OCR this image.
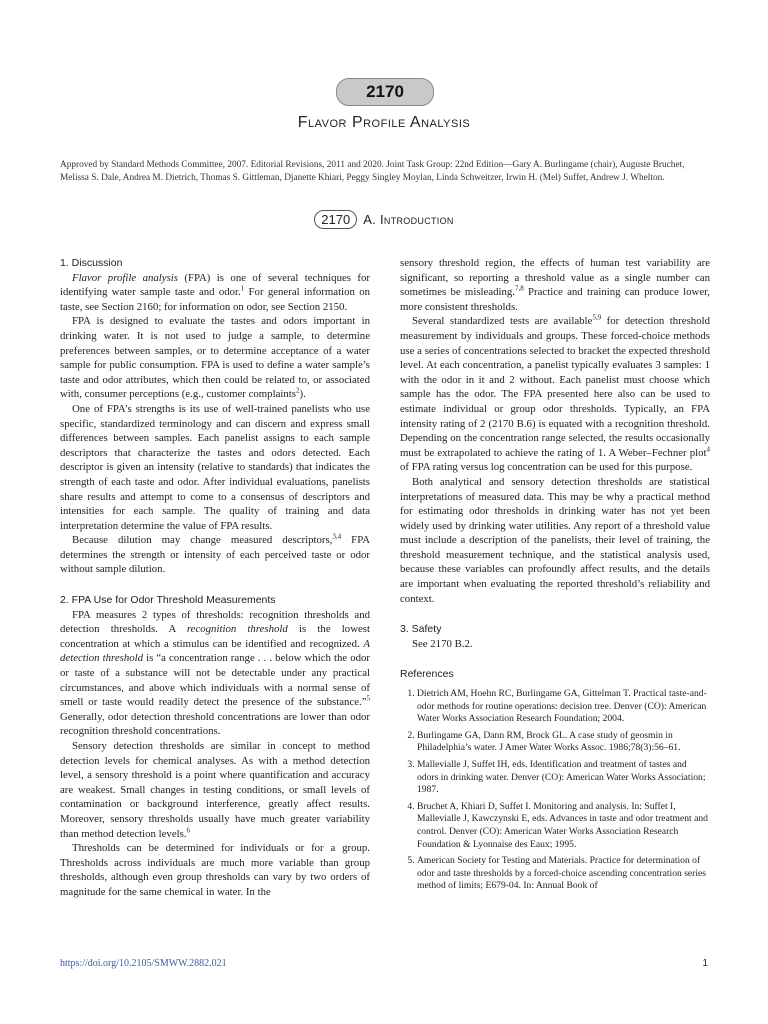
2170
Flavor Profile Analysis
Approved by Standard Methods Committee, 2007. Editorial Revisions, 2011 and 2020. Joint Task Group: 22nd Edition—Gary A. Burlingame (chair), Auguste Bruchet, Melissa S. Dale, Andrea M. Dietrich, Thomas S. Gittleman, Djanette Khiari, Peggy Singley Moylan, Linda Schweitzer, Irwin H. (Mel) Suffet, Andrew J. Whelton.
2170 A. Introduction

1. Discussion

Flavor profile analysis (FPA) is one of several techniques for identifying water sample taste and odor.$^1$ For general information on taste, see Section 2160; for information on odor, see Section 2150.

FPA is designed to evaluate the tastes and odors important in drinking water. It is not used to judge a sample, to determine preferences between samples, or to determine acceptance of a water sample for public consumption. FPA is used to define a water sample’s taste and odor attributes, which then could be related to, or associated with, consumer perceptions (e.g., customer complaints$^2$).

One of FPA’s strengths is its use of well-trained panelists who use specific, standardized terminology and can discern and express small differences between samples. Each panelist assigns to each sample descriptors that characterize the tastes and odors detected. Each descriptor is given an intensity (relative to standards) that indicates the strength of each taste and odor. After individual evaluations, panelists share results and attempt to come to a consensus of descriptors and intensities for each sample. The quality of training and data interpretation determine the value of FPA results.

Because dilution may change measured descriptors,$^{3,4}$ FPA determines the strength or intensity of each perceived taste or odor without sample dilution.

2. FPA Use for Odor Threshold Measurements

FPA measures 2 types of thresholds: recognition thresholds and detection thresholds. A recognition threshold is the lowest concentration at which a stimulus can be identified and recognized. A detection threshold is “a concentration range . . . below which the odor or taste of a substance will not be detectable under any practical circumstances, and above which individuals with a normal sense of smell or taste would readily detect the presence of the substance.”$^5$ Generally, odor detection threshold concentrations are lower than odor recognition threshold concentrations.

Sensory detection thresholds are similar in concept to method detection levels for chemical analyses. As with a method detection level, a sensory threshold is a point where quantification and accuracy are weakest. Small changes in testing conditions, or small levels of contamination or background interference, greatly affect results. Moreover, sensory thresholds usually have much greater variability than method detection levels.$^6$

Thresholds can be determined for individuals or for a group. Thresholds across individuals are much more variable than group thresholds, although even group thresholds can vary by two orders of magnitude for the same chemical in water. In the

sensory threshold region, the effects of human test variability are significant, so reporting a threshold value as a single number can sometimes be misleading.$^{7,8}$ Practice and training can produce lower, more consistent thresholds.

Several standardized tests are available$^{5,9}$ for detection threshold measurement by individuals and groups. These forced-choice methods use a series of concentrations selected to bracket the expected threshold level. At each concentration, a panelist typically evaluates 3 samples: 1 with the odor in it and 2 without. Each panelist must choose which sample has the odor. The FPA presented here also can be used to estimate individual or group odor thresholds. Typically, an FPA intensity rating of 2 (2170 B.6) is equated with a recognition threshold. Depending on the concentration range selected, the results occasionally must be extrapolated to achieve the rating of 1. A Weber–Fechner plot$^4$ of FPA rating versus log concentration can be used for this purpose.

Both analytical and sensory detection thresholds are statistical interpretations of measured data. This may be why a practical method for estimating odor thresholds in drinking water has not yet been widely used by drinking water utilities. Any report of a threshold value must include a description of the panelists, their level of training, the threshold measurement technique, and the statistical analysis used, because these variables can profoundly affect results, and the details are important when evaluating the reported threshold’s reliability and context.

3. Safety

See 2170 B.2.

References

1. Dietrich AM, Hoehn RC, Burlingame GA, Gittelman T. Practical taste-and-odor methods for routine operations: decision tree. Denver (CO): American Water Works Association Research Foundation; 2004.
2. Burlingame GA, Dann RM, Brock GL. A case study of geosmin in Philadelphia’s water. J Amer Water Works Assoc. 1986;78(3):56–61.
3. Mallevialle J, Suffet IH, eds. Identification and treatment of tastes and odors in drinking water. Denver (CO): American Water Works Association; 1987.
4. Bruchet A, Khiari D, Suffet I. Monitoring and analysis. In: Suffet I, Mallevialle J, Kawczynski E, eds. Advances in taste and odor treatment and control. Denver (CO): American Water Works Association Research Foundation & Lyonnaise des Eaux; 1995.
5. American Society for Testing and Materials. Practice for determination of odor and taste thresholds by a forced-choice ascending concentration series method of limits; E679-04. In: Annual Book of
https://doi.org/10.2105/SMWW.2882.021	1
